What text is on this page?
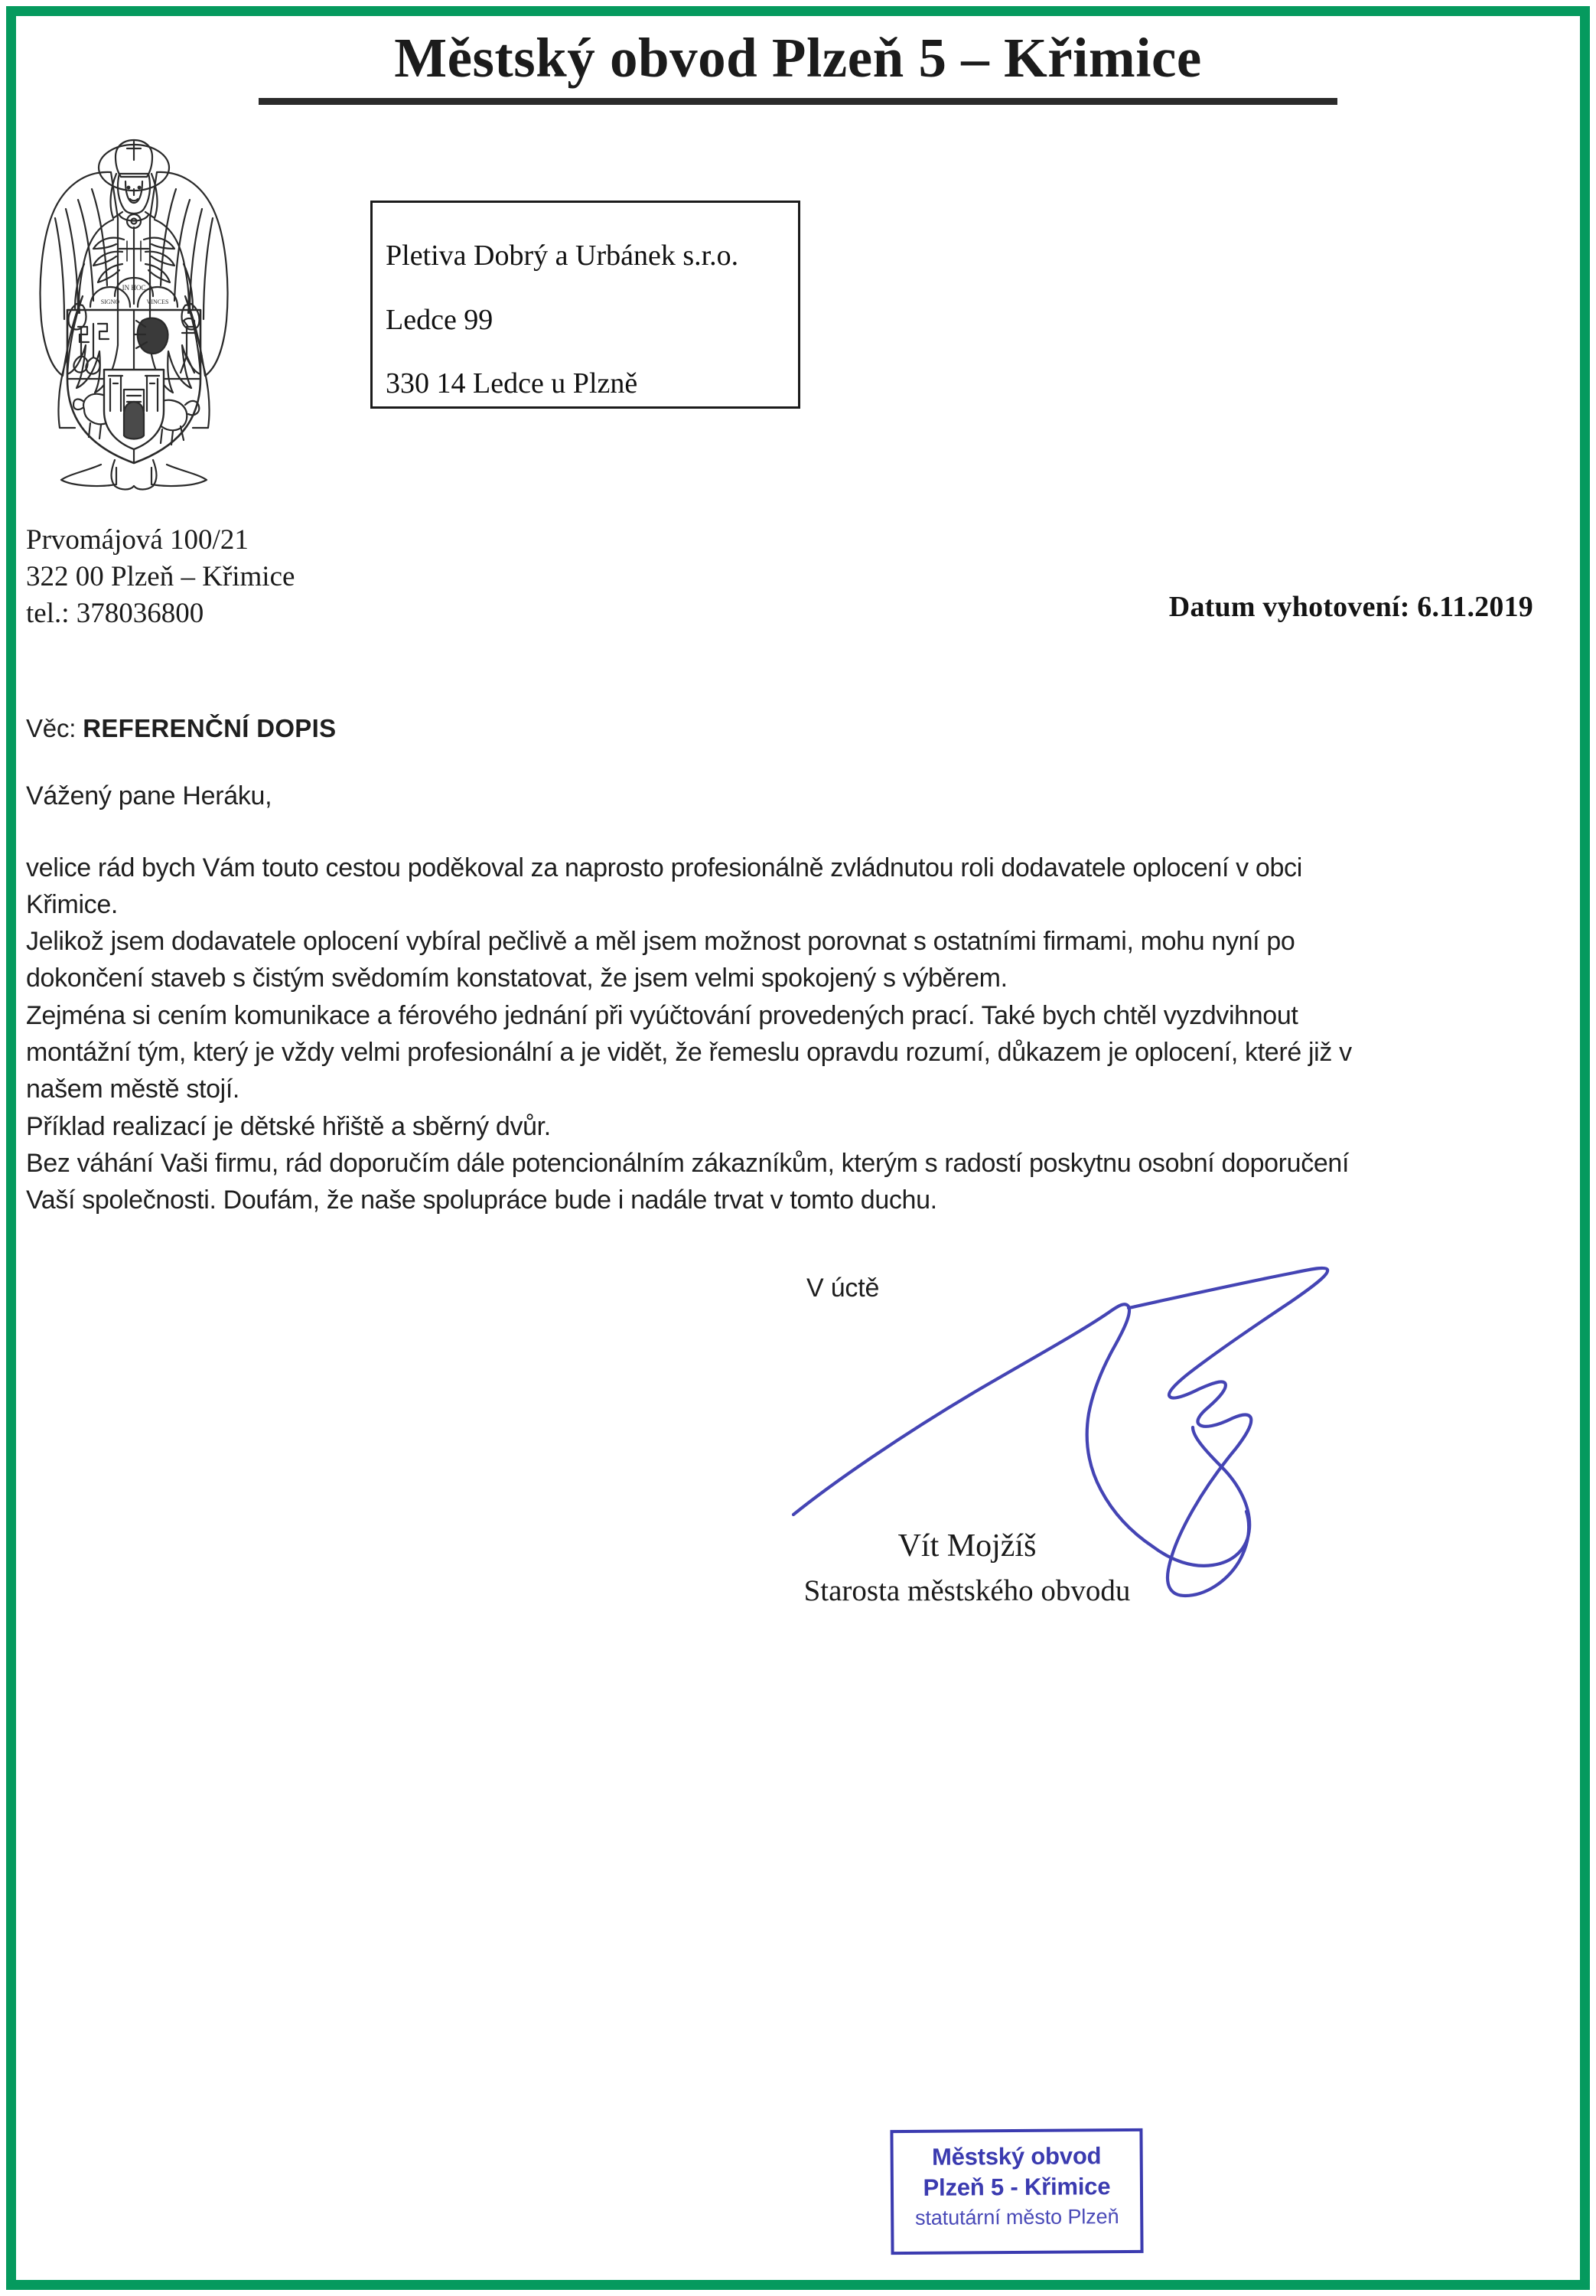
Městský obvod Plzeň 5 – Křimice
IN HOC
SIGNO	VINCES
Prvomájová 100/21
322 00 Plzeň – Křimice
tel.: 378036800
Pletiva Dobrý a Urbánek s.r.o.
Ledce 99
330 14 Ledce u Plzně
Datum vyhotovení: 6.11.2019
Věc: REFERENČNÍ DOPIS
Vážený pane Heráku,

velice rád bych Vám touto cestou poděkoval za naprosto profesionálně zvládnutou roli dodavatele oplocení v obci Křimice.

Jelikož jsem dodavatele oplocení vybíral pečlivě a měl jsem možnost porovnat s ostatními firmami, mohu nyní po dokončení staveb s čistým svědomím konstatovat, že jsem velmi spokojený s výběrem.

Zejména si cením komunikace a férového jednání při vyúčtování provedených prací. Také bych chtěl vyzdvihnout montážní tým, který je vždy velmi profesionální a je vidět, že řemeslu opravdu rozumí, důkazem je oplocení, které již v našem městě stojí.

Příklad realizací je dětské hřiště a sběrný dvůr.

Bez váhání Vaši firmu, rád doporučím dále potencionálním zákazníkům, kterým s radostí poskytnu osobní doporučení Vaší společnosti. Doufám, že naše spolupráce bude i nadále trvat v tomto duchu.

V úctě
Vít Mojžíš
Starosta městského obvodu
Městský obvod
Plzeň 5 - Křimice
statutární město Plzeň
